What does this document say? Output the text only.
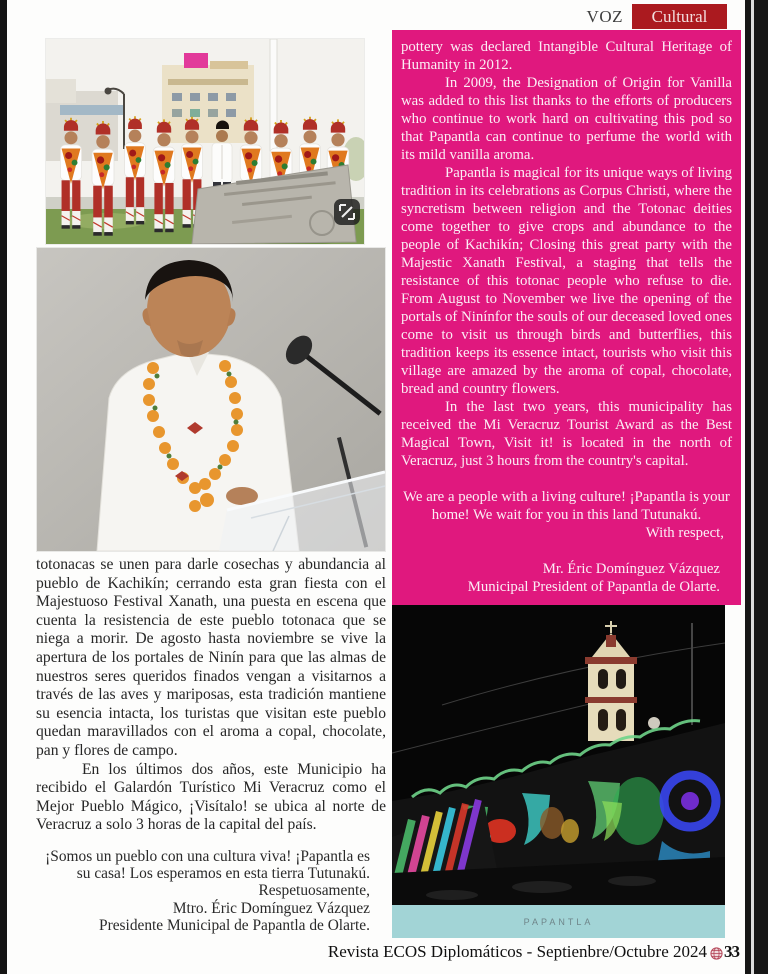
VOZ	Cultural

totonacas se unen para darle cosechas y abundancia al pueblo de Kachikín; cerrando esta gran fiesta con el Majestuoso Festival Xanath, una puesta en escena que cuenta la resistencia de este pueblo totonaca que se niega a morir. De agosto hasta noviembre se vive la apertura de los portales de Ninín para que las almas de nuestros seres queridos finados vengan a visitarnos a través de las aves y mariposas, esta tradición mantiene su esencia intacta, los turistas que visitan este pueblo quedan maravillados con el aroma a copal, chocolate, pan y flores de campo.

En los últimos dos años, este Municipio ha recibido el Galardón Turístico Mi Veracruz como el Mejor Pueblo Mágico, ¡Visítalo! se ubica al norte de Veracruz a solo 3 horas de la capital del país.

¡Somos un pueblo con una cultura viva! ¡Papantla es
su casa! Los esperamos en esta tierra Tutunakú.
Respetuosamente,
Mtro. Éric Domínguez Vázquez
Presidente Municipal de Papantla de Olarte.

pottery was declared Intangible Cultural Heritage of Humanity in 2012.

In 2009, the Designation of Origin for Vanilla was added to this list thanks to the efforts of producers who continue to work hard on cultivating this pod so that Papantla can continue to perfume the world with its mild vanilla aroma.

Papantla is magical for its unique ways of living tradition in its celebrations as Corpus Christi, where the syncretism between religion and the Totonac deities come together to give crops and abundance to the people of Kachikín; Closing this great party with the Majestic Xanath Festival, a staging that tells the resistance of this totonac people who refuse to die. From August to November we live the opening of the portals of Ninínfor the souls of our deceased loved ones come to visit us through birds and butterflies, this tradition keeps its essence intact, tourists who visit this village are amazed by the aroma of copal, chocolate, bread and country flowers.

In the last two years, this municipality has received the Mi Veracruz Tourist Award as the Best Magical Town, Visit it! is located in the north of Veracruz, just 3 hours from the country's capital.

We are a people with a living culture! ¡Papantla is your home! We wait for you in this land Tutunakú.

With respect,

Mr. Éric Domínguez Vázquez
Municipal President of Papantla de Olarte.
PAPANTLA
Revista ECOS Diplomáticos - Septienbre/Octubre 2024 33
